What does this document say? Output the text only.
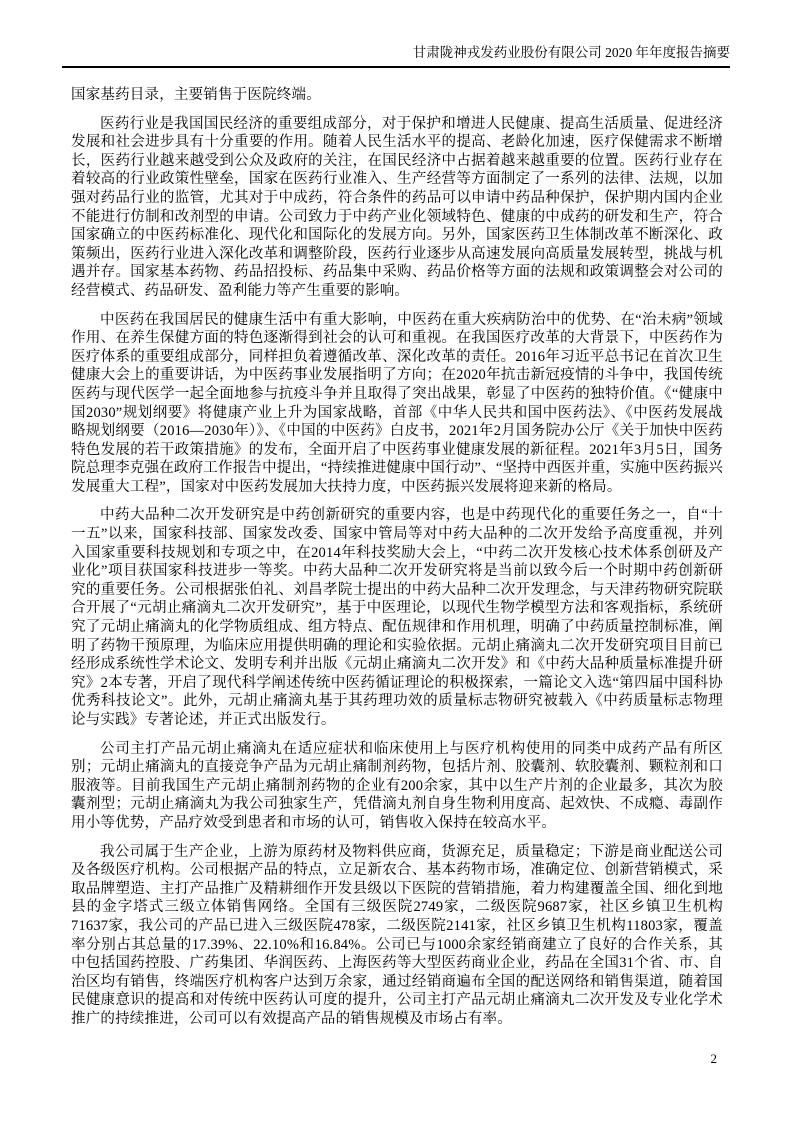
甘肃陇神戎发药业股份有限公司 2020 年年度报告摘要

国家基药目录，主要销售于医院终端。

医药行业是我国国民经济的重要组成部分，对于保护和增进人民健康、提高生活质量、促进经济发展和社会进步具有十分重要的作用。随着人民生活水平的提高、老龄化加速，医疗保健需求不断增长，医药行业越来越受到公众及政府的关注，在国民经济中占据着越来越重要的位置。医药行业存在着较高的行业政策性壁垒，国家在医药行业准入、生产经营等方面制定了一系列的法律、法规，以加强对药品行业的监管，尤其对于中成药，符合条件的药品可以申请中药品种保护，保护期内国内企业不能进行仿制和改剂型的申请。公司致力于中药产业化领域特色、健康的中成药的研发和生产，符合国家确立的中医药标准化、现代化和国际化的发展方向。另外，国家医药卫生体制改革不断深化、政策频出，医药行业进入深化改革和调整阶段，医药行业逐步从高速发展向高质量发展转型，挑战与机遇并存。国家基本药物、药品招投标、药品集中采购、药品价格等方面的法规和政策调整会对公司的经营模式、药品研发、盈利能力等产生重要的影响。

中医药在我国居民的健康生活中有重大影响，中医药在重大疾病防治中的优势、在“治未病”领域作用、在养生保健方面的特色逐渐得到社会的认可和重视。在我国医疗改革的大背景下，中医药作为医疗体系的重要组成部分，同样担负着遵循改革、深化改革的责任。2016年习近平总书记在首次卫生健康大会上的重要讲话，为中医药事业发展指明了方向；在2020年抗击新冠疫情的斗争中，我国传统医药与现代医学一起全面地参与抗疫斗争并且取得了突出战果，彰显了中医药的独特价值。《“健康中国2030”规划纲要》将健康产业上升为国家战略，首部《中华人民共和国中医药法》、《中医药发展战略规划纲要（2016—2030年）》、《中国的中医药》白皮书，2021年2月国务院办公厅《关于加快中医药特色发展的若干政策措施》的发布，全面开启了中医药事业健康发展的新征程。2021年3月5日，国务院总理李克强在政府工作报告中提出，“持续推进健康中国行动”、“坚持中西医并重，实施中医药振兴发展重大工程”，国家对中医药发展加大扶持力度，中医药振兴发展将迎来新的格局。

中药大品种二次开发研究是中药创新研究的重要内容，也是中药现代化的重要任务之一，自“十一五”以来，国家科技部、国家发改委、国家中管局等对中药大品种的二次开发给予高度重视，并列入国家重要科技规划和专项之中，在2014年科技奖励大会上，“中药二次开发核心技术体系创研及产业化”项目获国家科技进步一等奖。中药大品种二次开发研究将是当前以致今后一个时期中药创新研究的重要任务。公司根据张伯礼、刘昌孝院士提出的中药大品种二次开发理念，与天津药物研究院联合开展了“元胡止痛滴丸二次开发研究”，基于中医理论，以现代生物学模型方法和客观指标，系统研究了元胡止痛滴丸的化学物质组成、组方特点、配伍规律和作用机理，明确了中药质量控制标准，阐明了药物干预原理，为临床应用提供明确的理论和实验依据。元胡止痛滴丸二次开发研究项目目前已经形成系统性学术论文、发明专利并出版《元胡止痛滴丸二次开发》和《中药大品种质量标准提升研究》2本专著，开启了现代科学阐述传统中医药循证理论的积极探索，一篇论文入选“第四届中国科协优秀科技论文”。此外，元胡止痛滴丸基于其药理功效的质量标志物研究被载入《中药质量标志物理论与实践》专著论述，并正式出版发行。

公司主打产品元胡止痛滴丸在适应症状和临床使用上与医疗机构使用的同类中成药产品有所区别；元胡止痛滴丸的直接竞争产品为元胡止痛制剂药物，包括片剂、胶囊剂、软胶囊剂、颗粒剂和口服液等。目前我国生产元胡止痛制剂药物的企业有200余家，其中以生产片剂的企业最多，其次为胶囊剂型；元胡止痛滴丸为我公司独家生产，凭借滴丸剂自身生物利用度高、起效快、不成瘾、毒副作用小等优势，产品疗效受到患者和市场的认可，销售收入保持在较高水平。

我公司属于生产企业，上游为原药材及物料供应商，货源充足，质量稳定；下游是商业配送公司及各级医疗机构。公司根据产品的特点，立足新农合、基本药物市场，准确定位、创新营销模式，采取品牌塑造、主打产品推广及精耕细作开发县级以下医院的营销措施，着力构建覆盖全国、细化到地县的金字塔式三级立体销售网络。全国有三级医院2749家，二级医院9687家，社区乡镇卫生机构71637家，我公司的产品已进入三级医院478家，二级医院2141家，社区乡镇卫生机构11803家，覆盖率分别占其总量的17.39%、22.10%和16.84%。公司已与1000余家经销商建立了良好的合作关系，其中包括国药控股、广药集团、华润医药、上海医药等大型医药商业企业，药品在全国31个省、市、自治区均有销售，终端医疗机构客户达到万余家，通过经销商遍布全国的配送网络和销售渠道，随着国民健康意识的提高和对传统中医药认可度的提升，公司主打产品元胡止痛滴丸二次开发及专业化学术推广的持续推进，公司可以有效提高产品的销售规模及市场占有率。

2
